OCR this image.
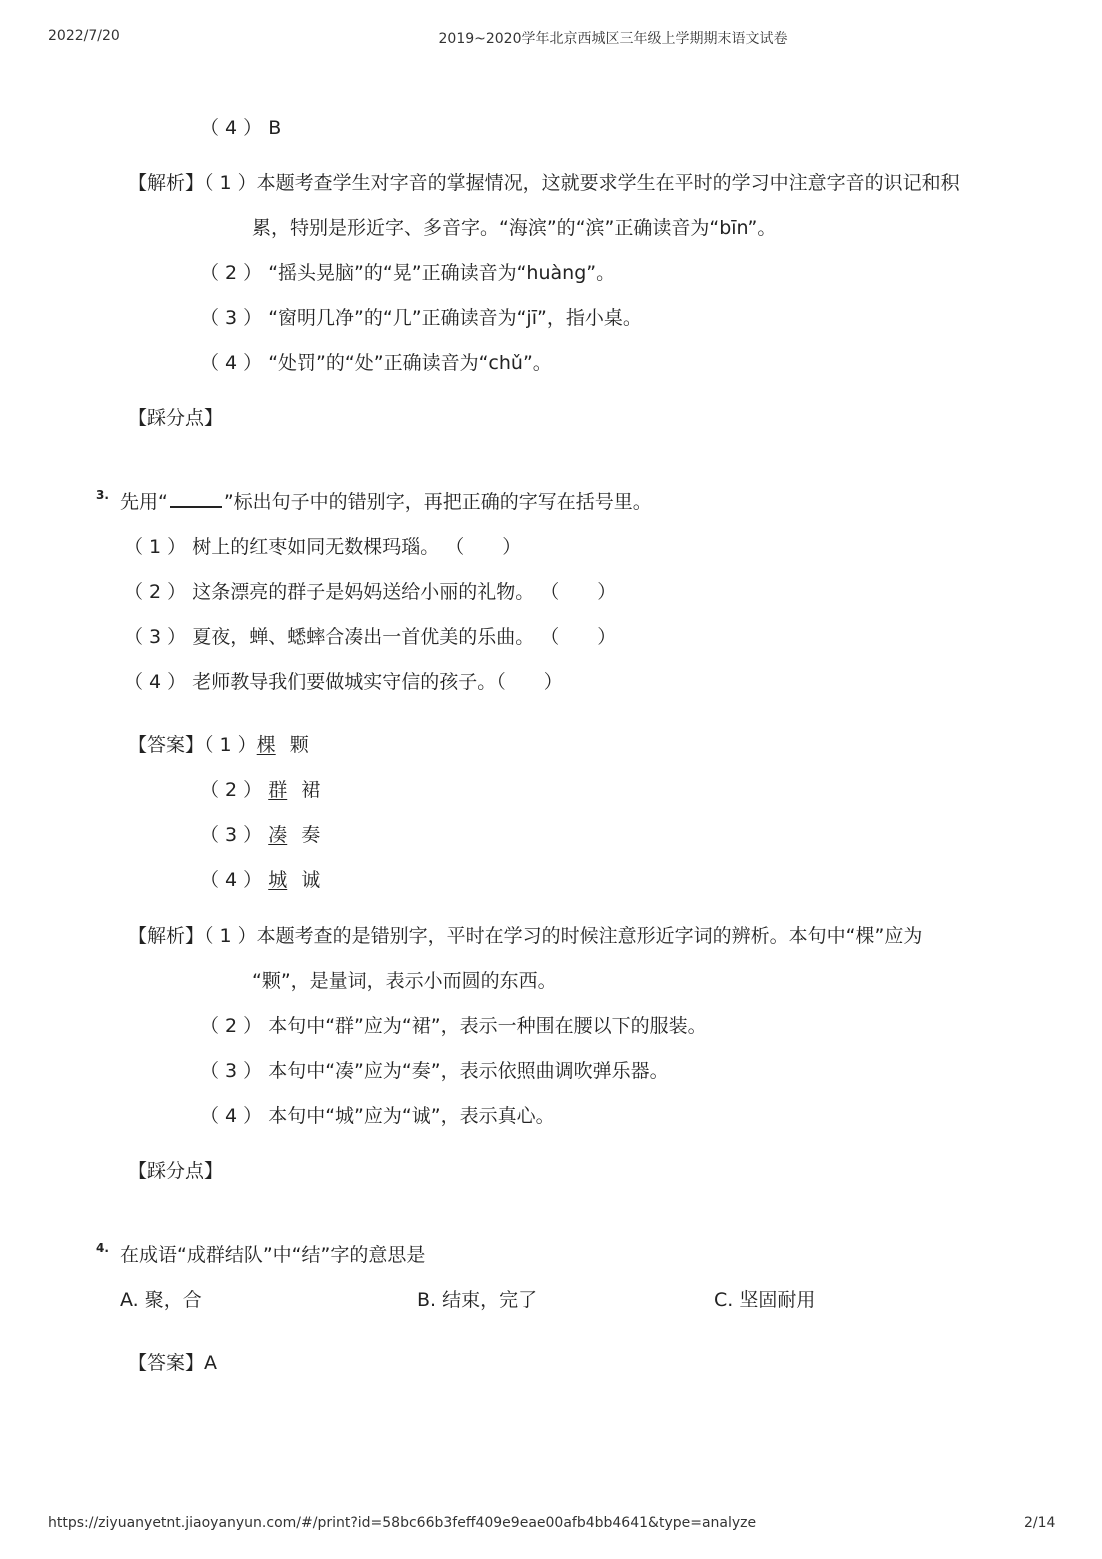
2022/7/20	2019~2020学年北京西城区三年级上学期期末语文试卷
（ 4 ） B
【解析】（ 1 ）本题考查学生对字音的掌握情况，这就要求学生在平时的学习中注意字音的识记和积
累，特别是形近字、多音字。“海滨”的“滨”正确读音为“bīn”。
（ 2 ） “摇头晃脑”的“晃”正确读音为“huàng”。
（ 3 ） “窗明几净”的“几”正确读音为“jī”，指小桌。
（ 4 ） “处罚”的“处”正确读音为“chǔ”。
【踩分点】
3. 先用“	”标出句子中的错别字，再把正确的字写在括号里。
（ 1 ） 树上的红枣如同无数棵玛瑙。 （　　）
（ 2 ） 这条漂亮的群子是妈妈送给小丽的礼物。 （　　）
（ 3 ） 夏夜，蝉、蟋蟀合凑出一首优美的乐曲。 （　　）
（ 4 ） 老师教导我们要做城实守信的孩子。（　　）
【答案】（ 1 ）棵 颗
（ 2 ） 群 裙
（ 3 ） 凑 奏
（ 4 ） 城 诚
【解析】（ 1 ）本题考查的是错别字，平时在学习的时候注意形近字词的辨析。本句中“棵”应为
“颗”，是量词，表示小而圆的东西。
（ 2 ） 本句中“群”应为“裙”，表示一种围在腰以下的服装。
（ 3 ） 本句中“凑”应为“奏”，表示依照曲调吹弹乐器。
（ 4 ） 本句中“城”应为“诚”，表示真心。
【踩分点】
4. 在成语“成群结队”中“结”字的意思是
A. 聚，合	B. 结束，完了	C. 坚固耐用
【答案】A
https://ziyuanyetnt.jiaoyanyun.com/#/print?id=58bc66b3feff409e9eae00afb4bb4641&type=analyze	2/14
